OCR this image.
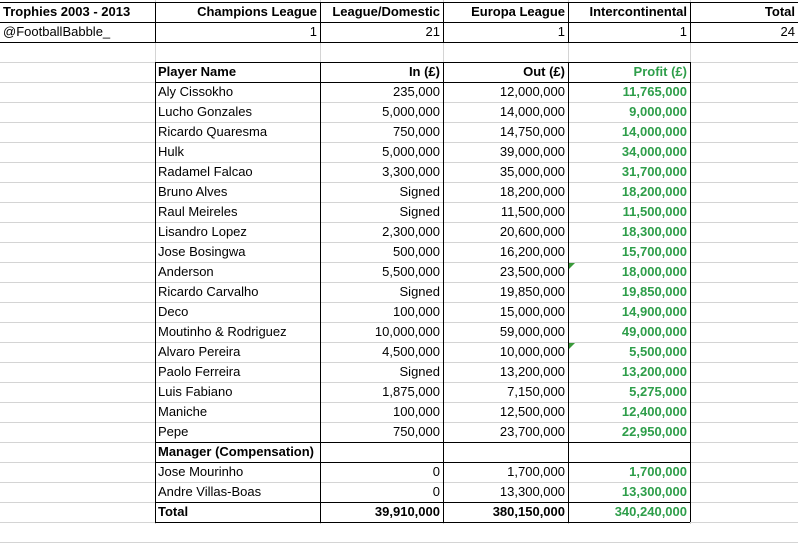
Trophies 2003 - 2013	Champions League	League/Domestic	Europa League	Intercontinental	Total
@FootballBabble_	1	21	1	1	24
Player Name	In (£)	Out (£)	Profit (£)
Aly Cissokho	235,000	12,000,000	11,765,000
Lucho Gonzales	5,000,000	14,000,000	9,000,000
Ricardo Quaresma	750,000	14,750,000	14,000,000
Hulk	5,000,000	39,000,000	34,000,000
Radamel Falcao	3,300,000	35,000,000	31,700,000
Bruno Alves	Signed	18,200,000	18,200,000
Raul Meireles	Signed	11,500,000	11,500,000
Lisandro Lopez	2,300,000	20,600,000	18,300,000
Jose Bosingwa	500,000	16,200,000	15,700,000
Anderson	5,500,000	23,500,000	18,000,000
Ricardo Carvalho	Signed	19,850,000	19,850,000
Deco	100,000	15,000,000	14,900,000
Moutinho & Rodriguez	10,000,000	59,000,000	49,000,000
Alvaro Pereira	4,500,000	10,000,000	5,500,000
Paolo Ferreira	Signed	13,200,000	13,200,000
Luis Fabiano	1,875,000	7,150,000	5,275,000
Maniche	100,000	12,500,000	12,400,000
Pepe	750,000	23,700,000	22,950,000
Manager (Compensation)
Jose Mourinho	0	1,700,000	1,700,000
Andre Villas-Boas	0	13,300,000	13,300,000
Total	39,910,000	380,150,000	340,240,000
